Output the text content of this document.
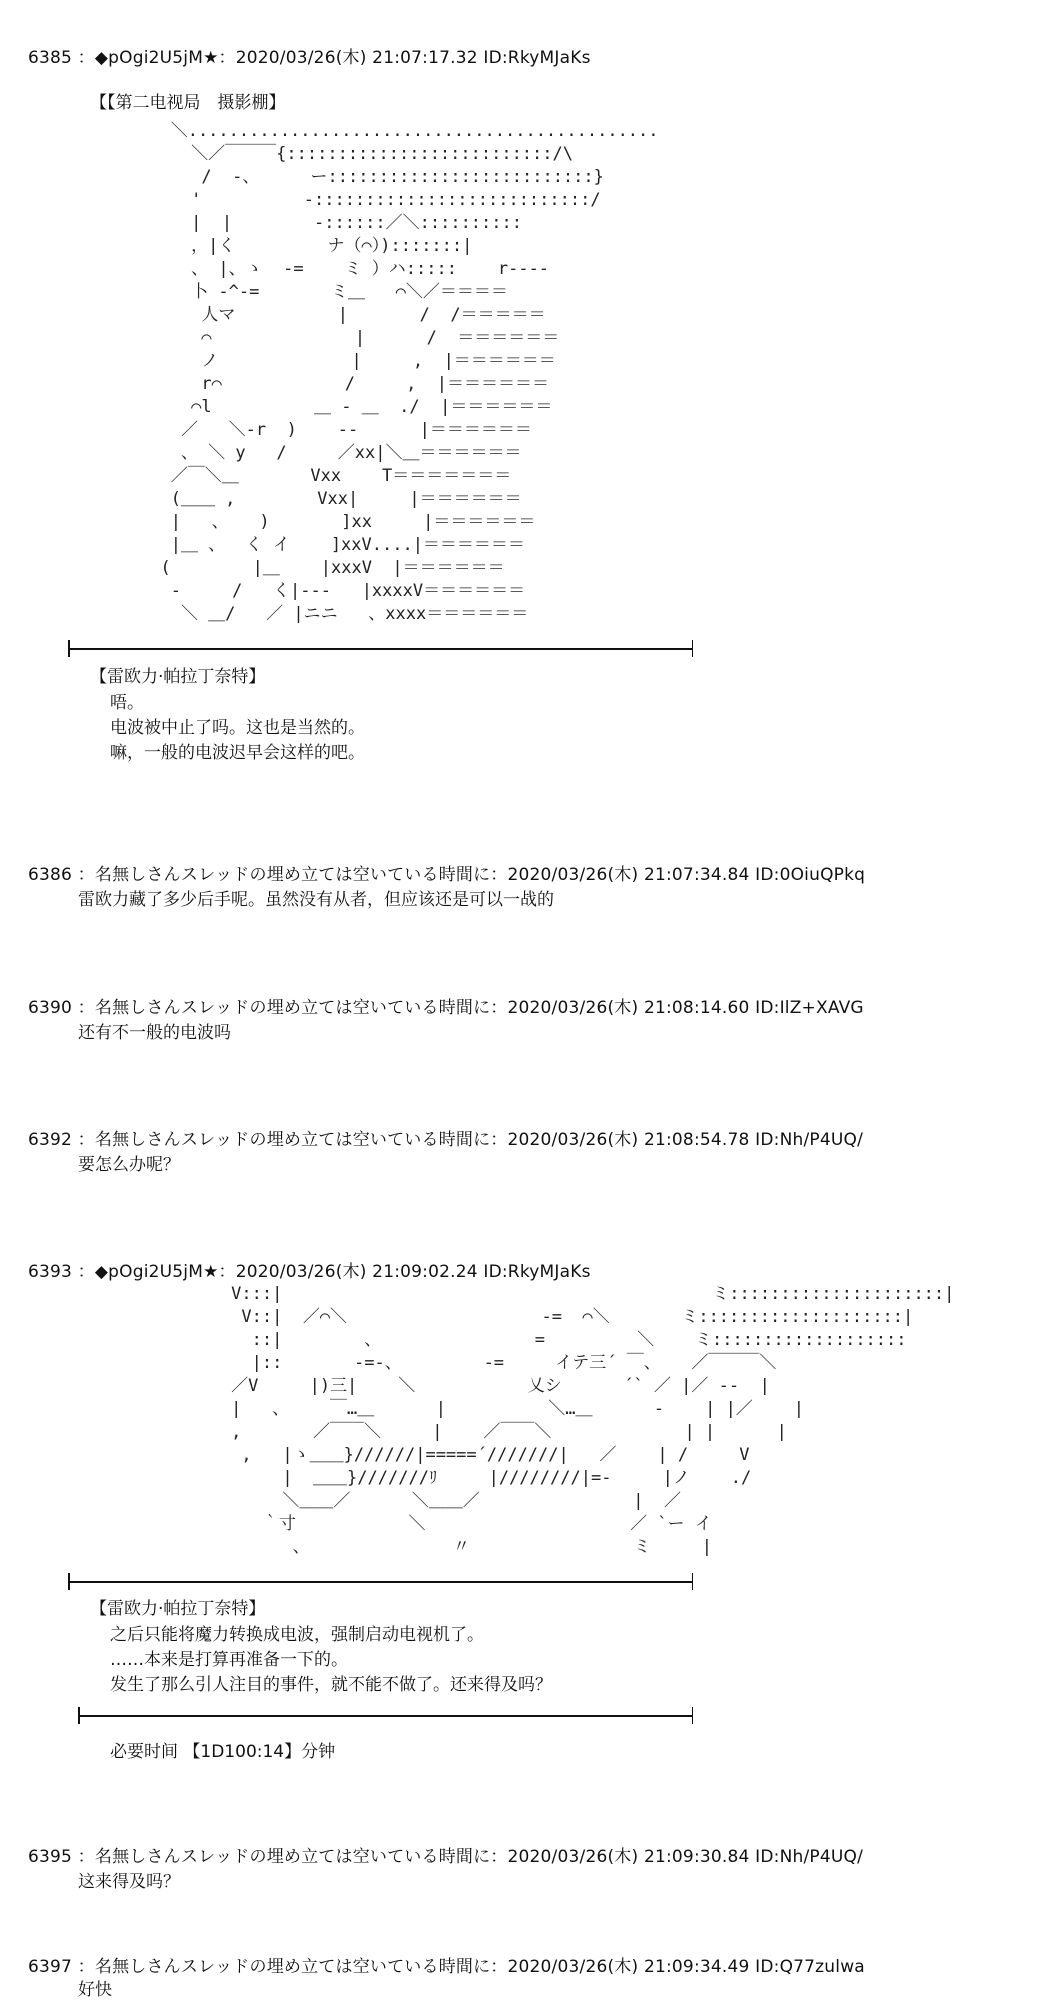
6385 ：◆pOgi2U5jM★：2020/03/26(木) 21:07:17.32 ID:RkyMJaKs
【【第二电视局　摄影棚】
＼..............................................
＼／￣￣￣{::::::::::::::::::::::::::/\
/  -、     ー::::::::::::::::::::::::::}
'          -:::::::::::::::::::::::::::/
|  |        -::::::／＼::::::::::
，|く         ナ（⌒）):::::::|
、 |、ゝ  -=    ミ ）ハ:::::    r----
卜 -^-=       ミ＿   ⌒＼／＝＝＝＝
人マ          |       /  /＝＝＝＝＝
⌒              |      /  ＝＝＝＝＝＝
ノ             |     ,  |＝＝＝＝＝＝
r⌒            /     ,  |＝＝＝＝＝＝
⌒l          ＿ - ＿  ./  |＝＝＝＝＝＝
／   ＼-r  )    --      |＝＝＝＝＝＝
、 ＼ y   /     ／xx|＼＿＝＝＝＝＝＝
／￣＼＿       Vxx    T＝＝＝＝＝＝＝
(＿＿ ,        Vxx|     |＝＝＝＝＝＝
|   、   )       ]xx     |＝＝＝＝＝＝
|＿ 、  く イ    ]xxV....|＝＝＝＝＝＝
(        |＿    |xxxV  |＝＝＝＝＝＝
‐     /   く|---   |xxxxV＝＝＝＝＝＝
＼ ＿/   ／ |ニニ   、xxxx＝＝＝＝＝＝
【雷欧力·帕拉丁奈特】
唔。
电波被中止了吗。这也是当然的。
嘛，一般的电波迟早会这样的吧。
6386 ：名無しさんスレッドの埋め立ては空いている時間に：2020/03/26(木) 21:07:34.84 ID:0OiuQPkq
雷欧力藏了多少后手呢。虽然没有从者，但应该还是可以一战的
6390 ：名無しさんスレッドの埋め立ては空いている時間に：2020/03/26(木) 21:08:14.60 ID:IlZ+XAVG
还有不一般的电波吗
6392 ：名無しさんスレッドの埋め立ては空いている時間に：2020/03/26(木) 21:08:54.78 ID:Nh/P4UQ/
要怎么办呢？
6393 ：◆pOgi2U5jM★：2020/03/26(木) 21:09:02.24 ID:RkyMJaKs
V:::|                                          ミ:::::::::::::::::::::|
V::|  ／⌒＼                   -=  ⌒＼       ミ::::::::::::::::::::|
::|        、               =         ＼    ミ:::::::::::::::::::
|::       -=-、        -=     イテ三´ ￣、   ／￣￣￣＼
／V     |)三|    ＼           乂シ      ´` ／ |／ --  |
|   、    ￣…＿      |          ＼…＿      -    | |／    |
,       ／￣￣＼     |    ／￣￣＼             | |      |
,   |ゝ＿＿}//////|=====´///////|   ／    | /     V
|  ＿＿}///////ﾘ     |////////|=-     |ノ    ./
＼＿＿／      ＼＿＿／               |  ／
｀寸           ＼                    ／ `ー イ
、              〃                ミ     |
【雷欧力·帕拉丁奈特】
之后只能将魔力转换成电波，强制启动电视机了。
……本来是打算再准备一下的。
发生了那么引人注目的事件，就不能不做了。还来得及吗？
必要时间 【1D100:14】分钟
6395 ：名無しさんスレッドの埋め立ては空いている時間に：2020/03/26(木) 21:09:30.84 ID:Nh/P4UQ/
这来得及吗？
6397 ：名無しさんスレッドの埋め立ては空いている時間に：2020/03/26(木) 21:09:34.49 ID:Q77zulwa
好快
